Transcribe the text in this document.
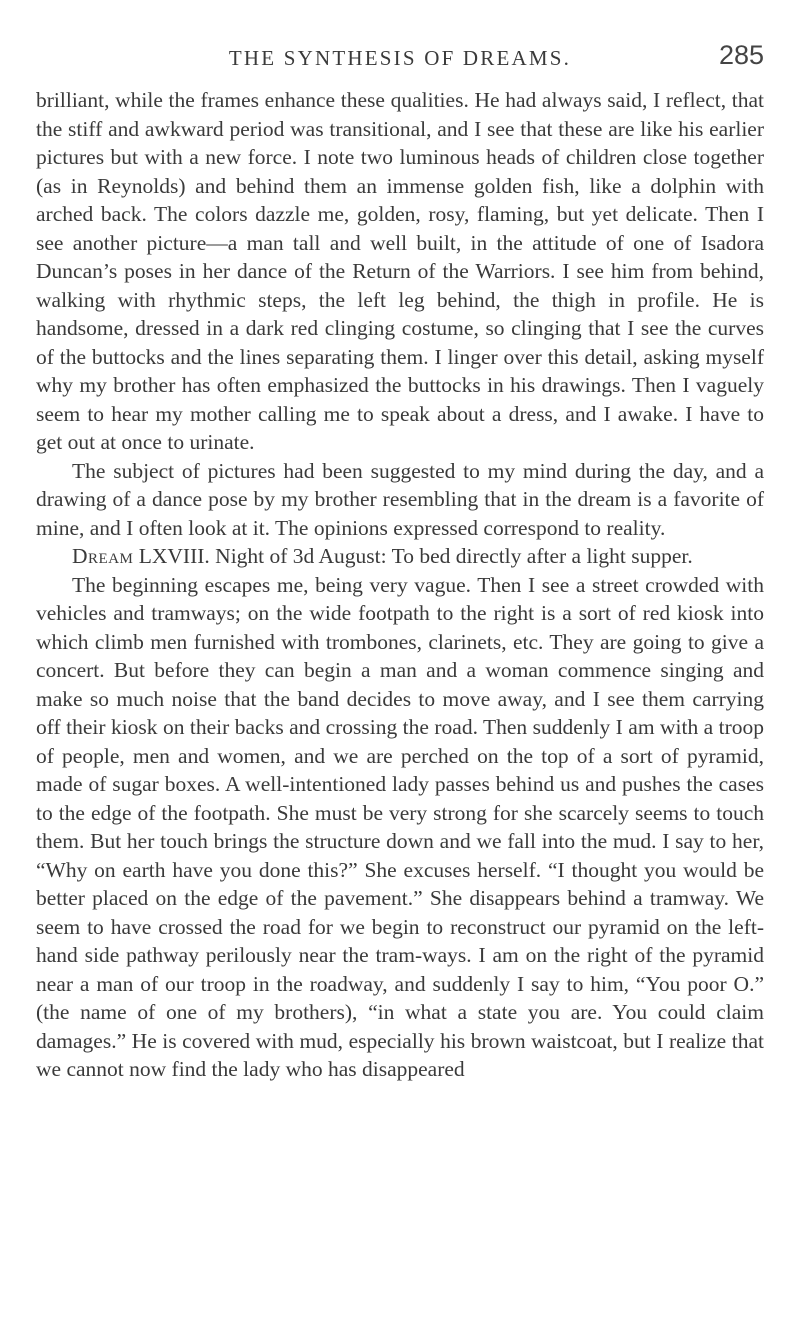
THE SYNTHESIS OF DREAMS.	285

brilliant, while the frames enhance these qualities. He had always said, I reflect, that the stiff and awkward period was transitional, and I see that these are like his earlier pictures but with a new force. I note two luminous heads of children close together (as in Reynolds) and behind them an immense golden fish, like a dolphin with arched back. The colors dazzle me, golden, rosy, flaming, but yet delicate. Then I see another picture—a man tall and well built, in the attitude of one of Isadora Duncan’s poses in her dance of the Return of the Warriors. I see him from behind, walking with rhythmic steps, the left leg behind, the thigh in profile. He is handsome, dressed in a dark red clinging costume, so clinging that I see the curves of the buttocks and the lines separating them. I linger over this detail, asking myself why my brother has often emphasized the buttocks in his drawings. Then I vaguely seem to hear my mother calling me to speak about a dress, and I awake. I have to get out at once to urinate.

The subject of pictures had been suggested to my mind during the day, and a drawing of a dance pose by my brother resembling that in the dream is a favorite of mine, and I often look at it. The opinions expressed correspond to reality.

Dream LXVIII. Night of 3d August: To bed directly after a light supper.

The beginning escapes me, being very vague. Then I see a street crowded with vehicles and tramways; on the wide footpath to the right is a sort of red kiosk into which climb men furnished with trombones, clarinets, etc. They are going to give a concert. But before they can begin a man and a woman commence singing and make so much noise that the band decides to move away, and I see them carrying off their kiosk on their backs and crossing the road. Then suddenly I am with a troop of people, men and women, and we are perched on the top of a sort of pyramid, made of sugar boxes. A well-intentioned lady passes behind us and pushes the cases to the edge of the footpath. She must be very strong for she scarcely seems to touch them. But her touch brings the structure down and we fall into the mud. I say to her, “Why on earth have you done this?” She excuses herself. “I thought you would be better placed on the edge of the pavement.” She disappears behind a tramway. We seem to have crossed the road for we begin to reconstruct our pyramid on the left-hand side pathway perilously near the tram-ways. I am on the right of the pyramid near a man of our troop in the roadway, and suddenly I say to him, “You poor O.” (the name of one of my brothers), “in what a state you are. You could claim damages.” He is covered with mud, especially his brown waistcoat, but I realize that we cannot now find the lady who has disappeared
